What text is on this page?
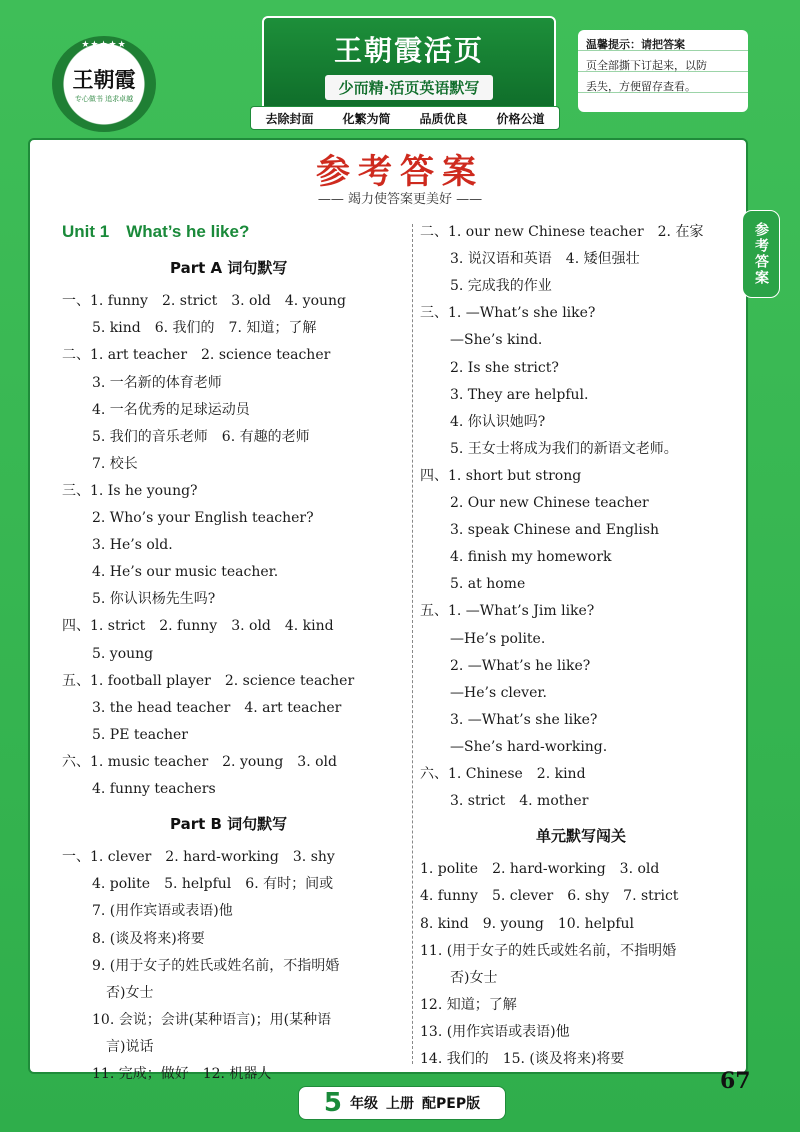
★★★★★
王朝霞
专心做书 追求卓越
王朝霞活页
少而精·活页英语默写
温馨提示：请把答案
页全部撕下订起来，以防
丢失，方便留存查看。
去除封面 化繁为简 品质优良 价格公道
参考答案
—— 竭力使答案更美好 ——
参考答案
Unit 1　What’s he like?
Part A 词句默写
一、1. funny　2. strict　3. old　4. young
5. kind　6. 我们的　7. 知道；了解
二、1. art teacher　2. science teacher
3. 一名新的体育老师
4. 一名优秀的足球运动员
5. 我们的音乐老师　6. 有趣的老师
7. 校长
三、1. Is he young?
2. Who’s your English teacher?
3. He’s old.
4. He’s our music teacher.
5. 你认识杨先生吗?
四、1. strict　2. funny　3. old　4. kind
5. young
五、1. football player　2. science teacher
3. the head teacher　4. art teacher
5. PE teacher
六、1. music teacher　2. young　3. old
4. funny teachers
Part B 词句默写
一、1. clever　2. hard-working　3. shy
4. polite　5. helpful　6. 有时；间或
7. (用作宾语或表语)他
8. (谈及将来)将要
9. (用于女子的姓氏或姓名前，不指明婚
否)女士
10. 会说；会讲(某种语言)；用(某种语
言)说话
11. 完成；做好　12. 机器人
二、1. our new Chinese teacher　2. 在家
3. 说汉语和英语　4. 矮但强壮
5. 完成我的作业
三、1. —What’s she like?
—She’s kind.
2. Is she strict?
3. They are helpful.
4. 你认识她吗?
5. 王女士将成为我们的新语文老师。
四、1. short but strong
2. Our new Chinese teacher
3. speak Chinese and English
4. finish my homework
5. at home
五、1. —What’s Jim like?
—He’s polite.
2. —What’s he like?
—He’s clever.
3. —What’s she like?
—She’s hard-working.
六、1. Chinese　2. kind
3. strict　4. mother
单元默写闯关
1. polite　2. hard-working　3. old
4. funny　5. clever　6. shy　7. strict
8. kind　9. young　10. helpful
11. (用于女子的姓氏或姓名前，不指明婚
否)女士
12. 知道；了解
13. (用作宾语或表语)他
14. 我们的　15. (谈及将来)将要
5 年级 上册 配PEP版
67
